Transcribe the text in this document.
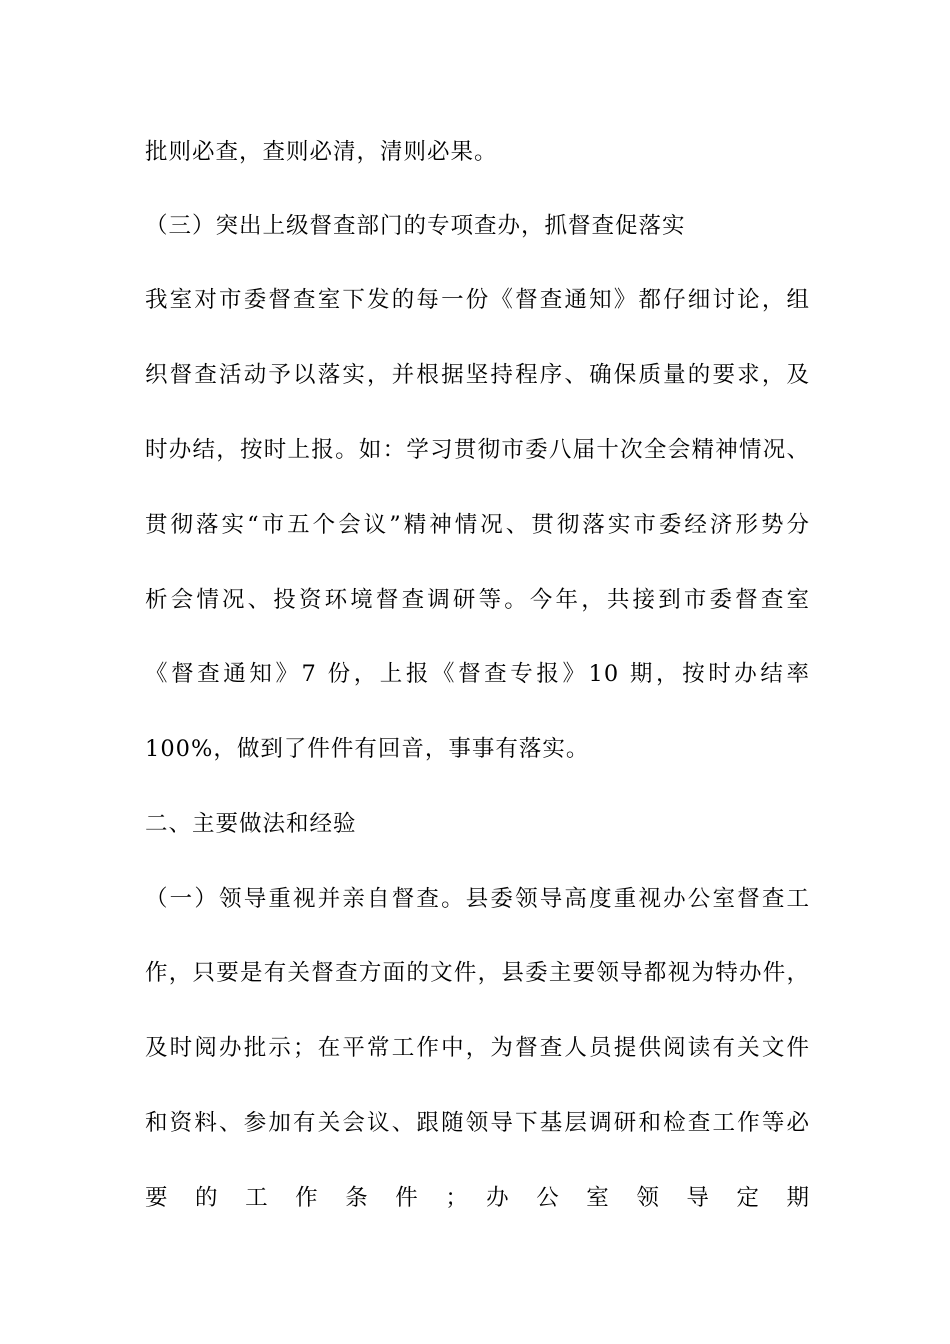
批则必查，查则必清，清则必果。
（三）突出上级督查部门的专项查办，抓督查促落实
我室对市委督查室下发的每一份《督查通知》都仔细讨论，组
织督查活动予以落实，并根据坚持程序、确保质量的要求，及
时办结，按时上报。如：学习贯彻市委八届十次全会精神情况、
贯彻落实“市五个会议”精神情况、贯彻落实市委经济形势分
析会情况、投资环境督查调研等。今年，共接到市委督查室
《督查通知》7 份，上报《督查专报》10 期，按时办结率
100%，做到了件件有回音，事事有落实。
二、主要做法和经验
（一）领导重视并亲自督查。县委领导高度重视办公室督查工
作，只要是有关督查方面的文件，县委主要领导都视为特办件，
及时阅办批示；在平常工作中，为督查人员提供阅读有关文件
和资料、参加有关会议、跟随领导下基层调研和检查工作等必
要 的 工 作 条 件 ； 办 公 室 领 导 定 期
